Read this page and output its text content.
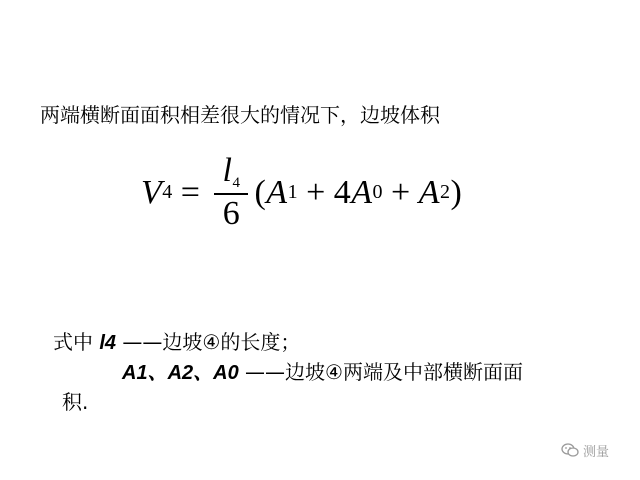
两端横断面面积相差很大的情况下，边坡体积
V $4 = \frac{l4}{6}$ ( A 1 + 4 A 0 + A 2 )
式中 l4 ——边坡④的长度；
A1、A2、A0 ——边坡④两端及中部横断面面
积.
测量
